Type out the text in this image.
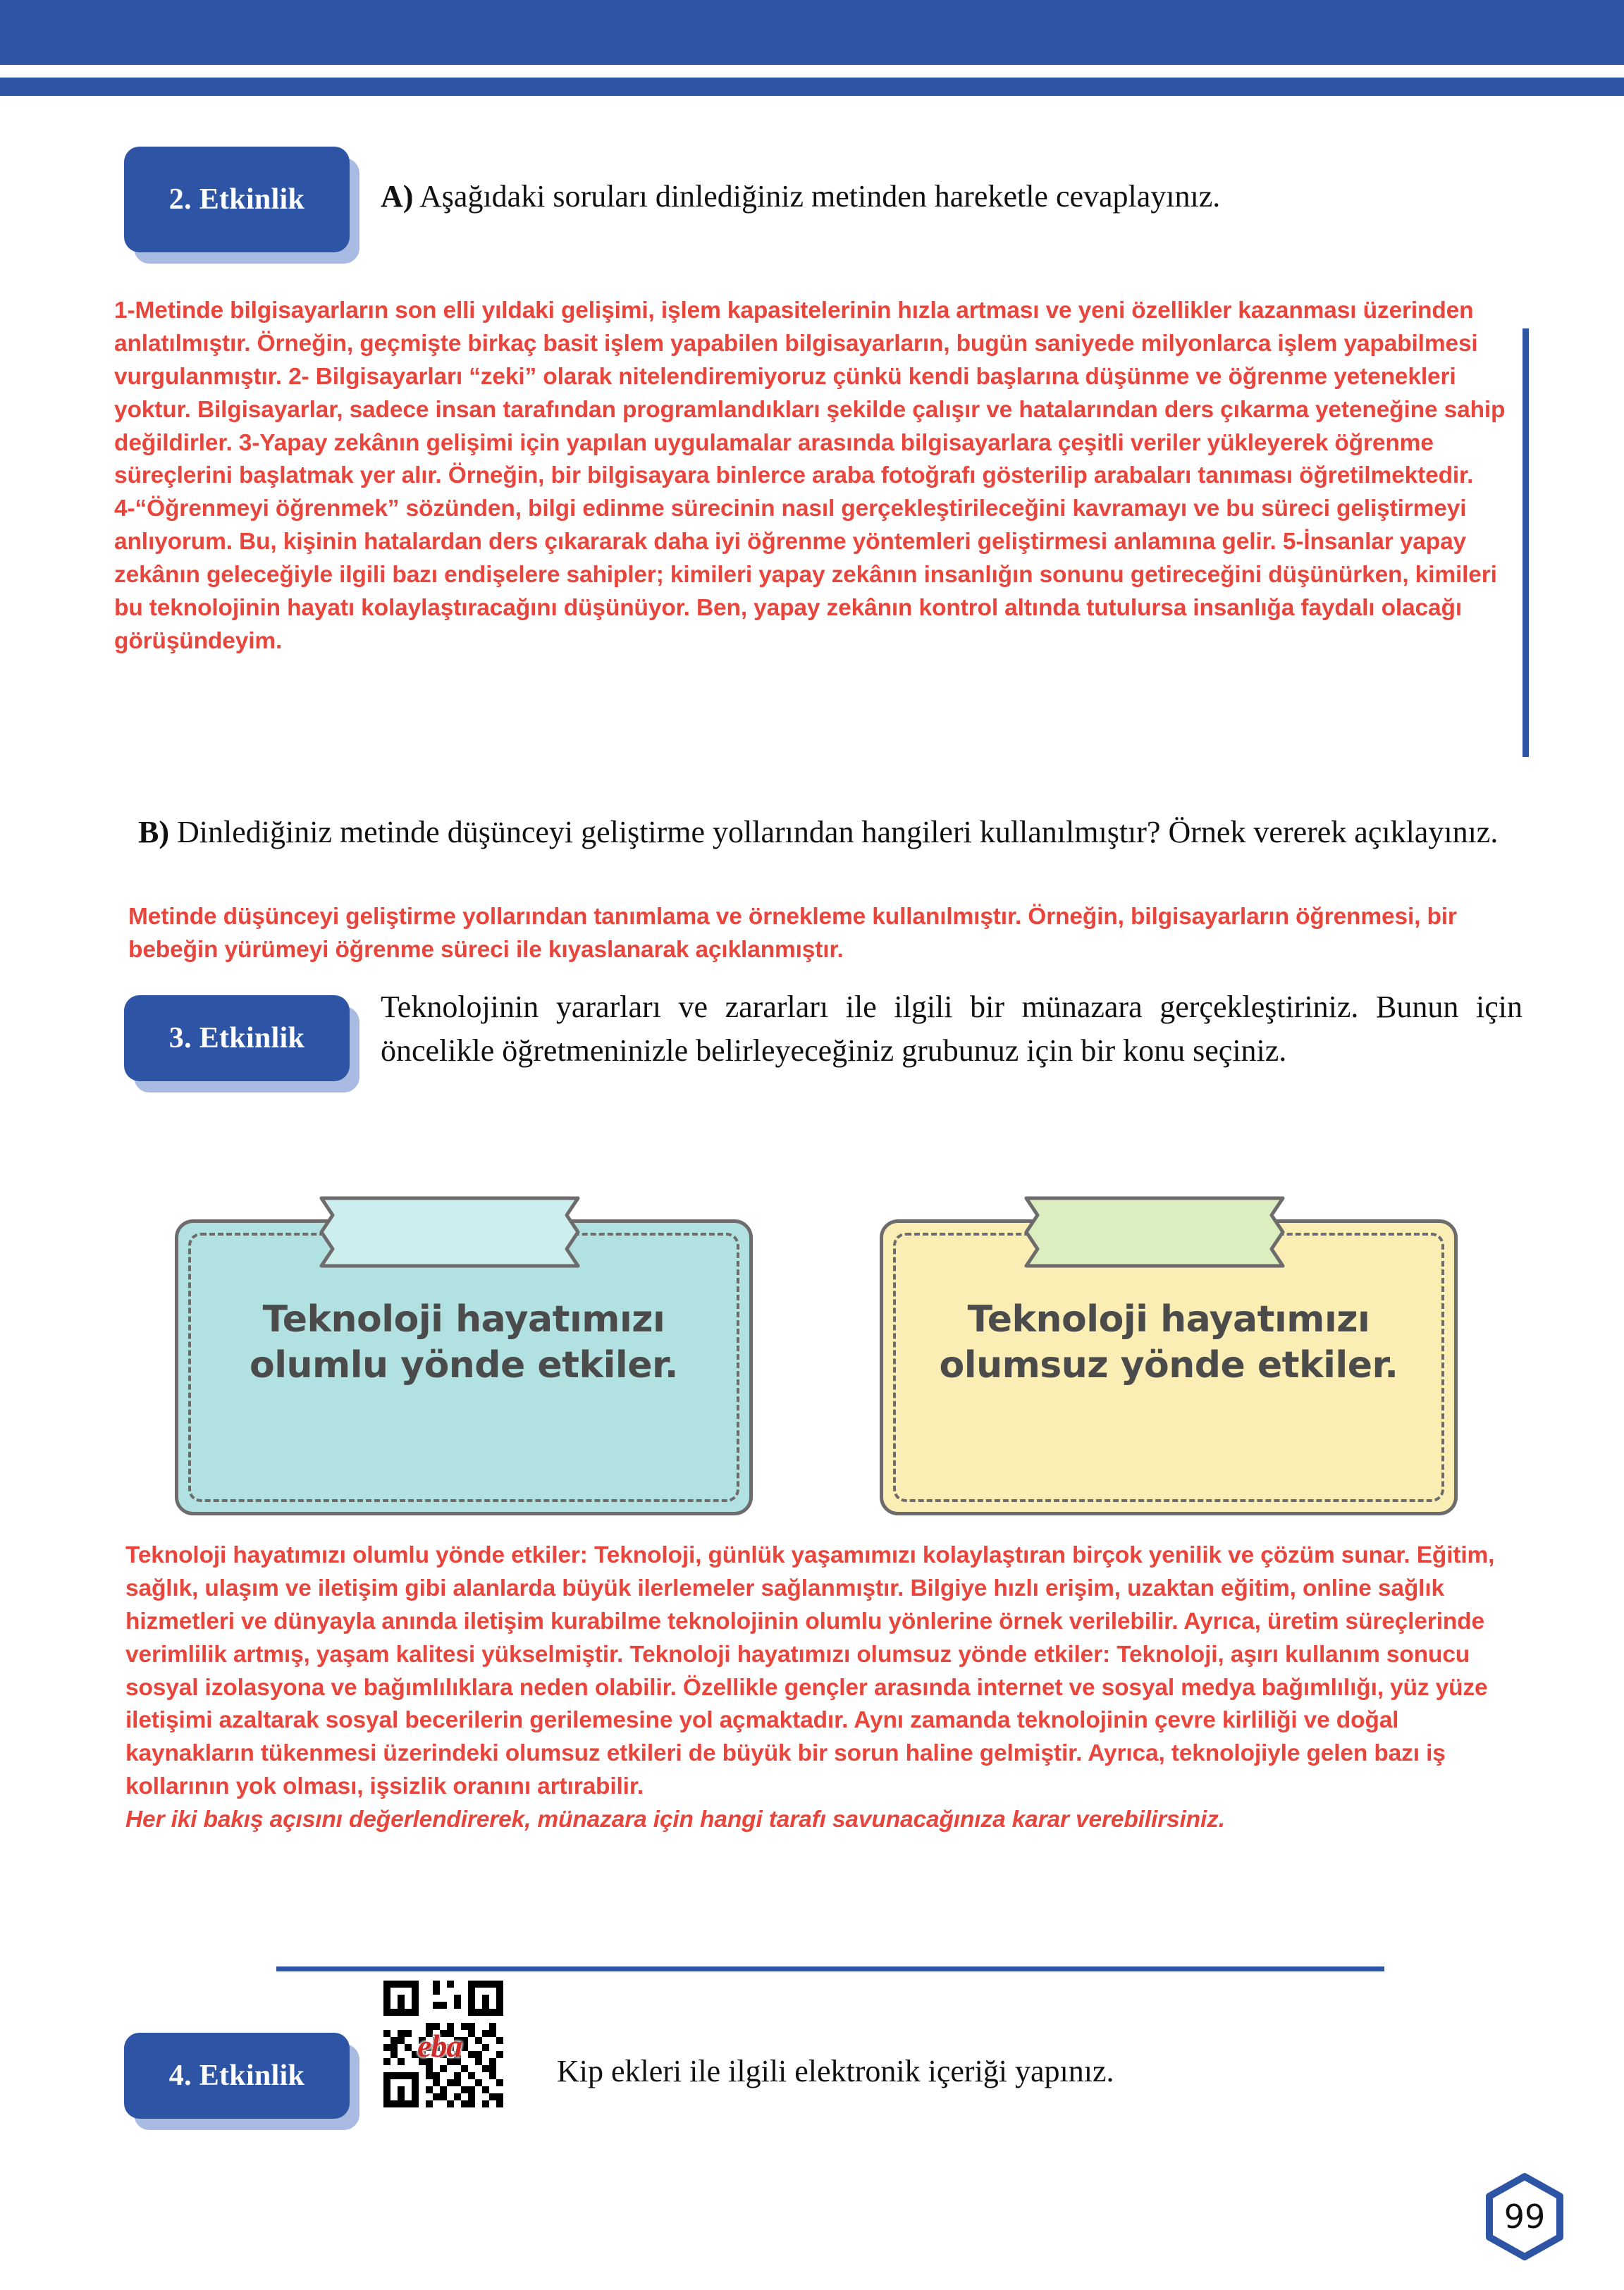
2. Etkinlik	A) Aşağıdaki soruları dinlediğiniz metinden hareketle cevaplayınız.
1-Metinde bilgisayarların son elli yıldaki gelişimi, işlem kapasitelerinin hızla artması ve yeni özellikler kazanması üzerinden anlatılmıştır. Örneğin, geçmişte birkaç basit işlem yapabilen bilgisayarların, bugün saniyede milyonlarca işlem yapabilmesi vurgulanmıştır. 2- Bilgisayarları “zeki” olarak nitelendiremiyoruz çünkü kendi başlarına düşünme ve öğrenme yetenekleri yoktur. Bilgisayarlar, sadece insan tarafından programlandıkları şekilde çalışır ve hatalarından ders çıkarma yeteneğine sahip değildirler. 3-Yapay zekânın gelişimi için yapılan uygulamalar arasında bilgisayarlara çeşitli veriler yükleyerek öğrenme süreçlerini başlatmak yer alır. Örneğin, bir bilgisayara binlerce araba fotoğrafı gösterilip arabaları tanıması öğretilmektedir. 4-“Öğrenmeyi öğrenmek” sözünden, bilgi edinme sürecinin nasıl gerçekleştirileceğini kavramayı ve bu süreci geliştirmeyi anlıyorum. Bu, kişinin hatalardan ders çıkararak daha iyi öğrenme yöntemleri geliştirmesi anlamına gelir. 5-İnsanlar yapay zekânın geleceğiyle ilgili bazı endişelere sahipler; kimileri yapay zekânın insanlığın sonunu getireceğini düşünürken, kimileri bu teknolojinin hayatı kolaylaştıracağını düşünüyor. Ben, yapay zekânın kontrol altında tutulursa insanlığa faydalı olacağı görüşündeyim.
B) Dinlediğiniz metinde düşünceyi geliştirme yollarından hangileri kullanılmıştır? Örnek vererek açıklayınız.
Metinde düşünceyi geliştirme yollarından tanımlama ve örnekleme kullanılmıştır. Örneğin, bilgisayarların öğrenmesi, bir bebeğin yürümeyi öğrenme süreci ile kıyaslanarak açıklanmıştır.
3. Etkinlik
Teknolojinin yararları ve zararları ile ilgili bir münazara gerçekleştiriniz. Bunun için öncelikle öğretmeninizle belirleyeceğiniz grubunuz için bir konu seçiniz.
Teknoloji hayatımızı olumlu yönde etkiler.
Teknoloji hayatımızı olumsuz yönde etkiler.
Teknoloji hayatımızı olumlu yönde etkiler: Teknoloji, günlük yaşamımızı kolaylaştıran birçok yenilik ve çözüm sunar. Eğitim, sağlık, ulaşım ve iletişim gibi alanlarda büyük ilerlemeler sağlanmıştır. Bilgiye hızlı erişim, uzaktan eğitim, online sağlık hizmetleri ve dünyayla anında iletişim kurabilme teknolojinin olumlu yönlerine örnek verilebilir. Ayrıca, üretim süreçlerinde verimlilik artmış, yaşam kalitesi yükselmiştir. Teknoloji hayatımızı olumsuz yönde etkiler: Teknoloji, aşırı kullanım sonucu sosyal izolasyona ve bağımlılıklara neden olabilir. Özellikle gençler arasında internet ve sosyal medya bağımlılığı, yüz yüze iletişimi azaltarak sosyal becerilerin gerilemesine yol açmaktadır. Aynı zamanda teknolojinin çevre kirliliği ve doğal kaynakların tükenmesi üzerindeki olumsuz etkileri de büyük bir sorun haline gelmiştir. Ayrıca, teknolojiyle gelen bazı iş kollarının yok olması, işsizlik oranını artırabilir.
Her iki bakış açısını değerlendirerek, münazara için hangi tarafı savunacağınıza karar verebilirsiniz.
4. Etkinlik
eba
Kip ekleri ile ilgili elektronik içeriği yapınız.
99
